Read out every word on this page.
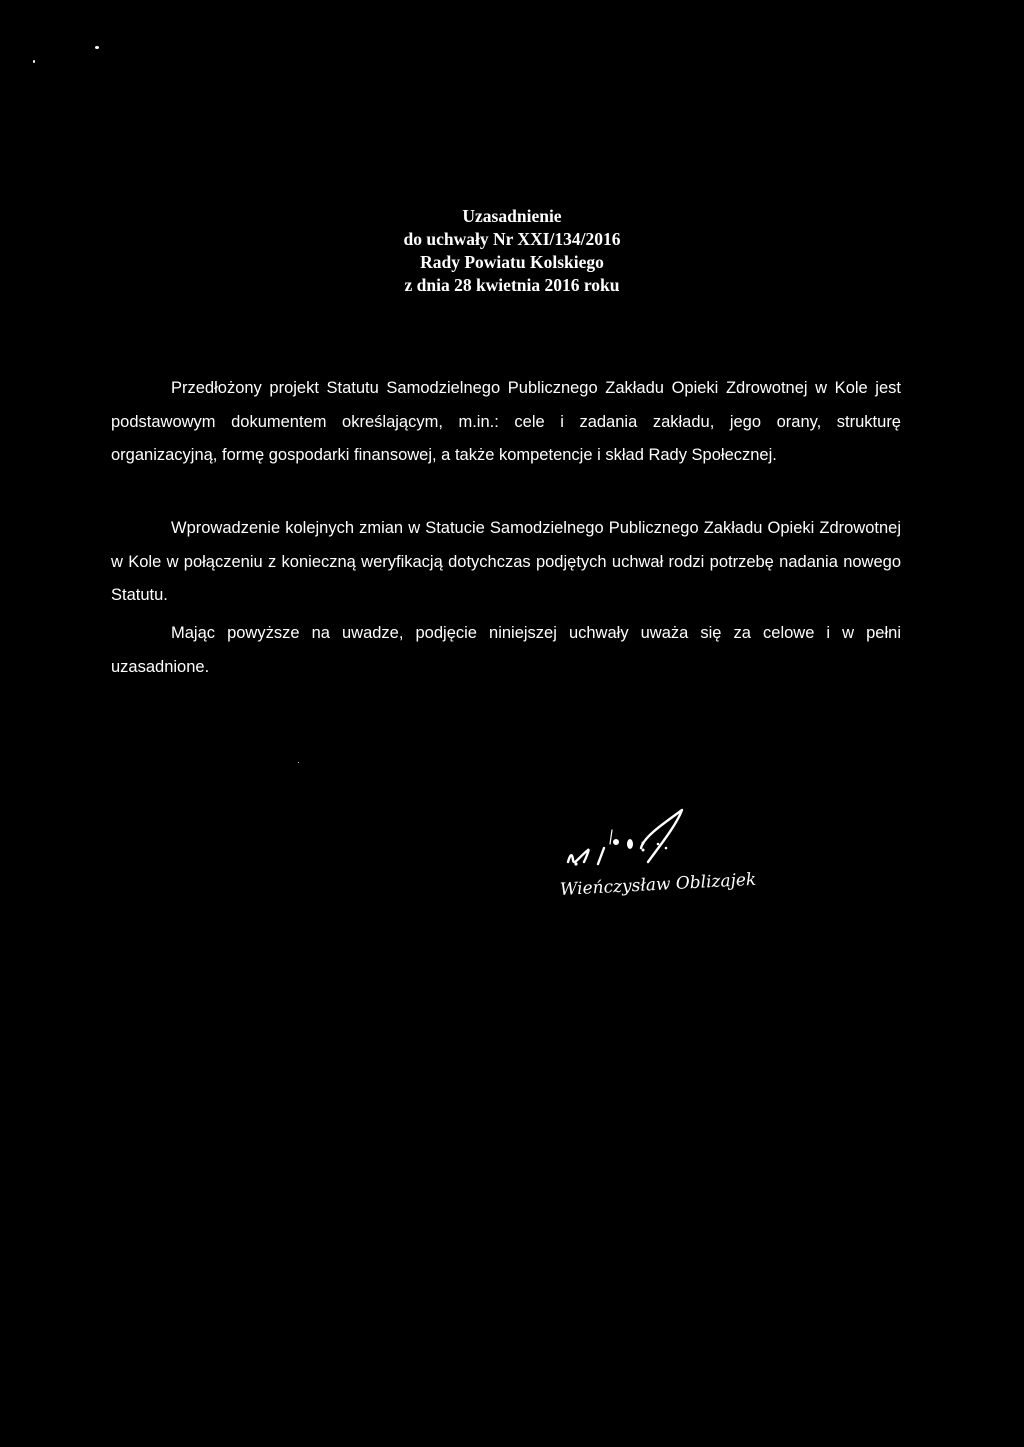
Uzasadnienie
do uchwały Nr XXI/134/2016
Rady Powiatu Kolskiego
z dnia 28 kwietnia 2016 roku

Przedłożony projekt Statutu Samodzielnego Publicznego Zakładu Opieki Zdrowotnej w Kole jest podstawowym dokumentem określającym, m.in.: cele i zadania zakładu, jego orany, strukturę organizacyjną, formę gospodarki finansowej, a także kompetencje i skład Rady Społecznej.

Wprowadzenie kolejnych zmian w Statucie Samodzielnego Publicznego Zakładu Opieki Zdrowotnej w Kole w połączeniu z konieczną weryfikacją dotychczas podjętych uchwał rodzi potrzebę nadania nowego Statutu.

Mając powyższe na uwadze, podjęcie niniejszej uchwały uważa się za celowe i w pełni uzasadnione.

Wieńczysław Oblizajek
